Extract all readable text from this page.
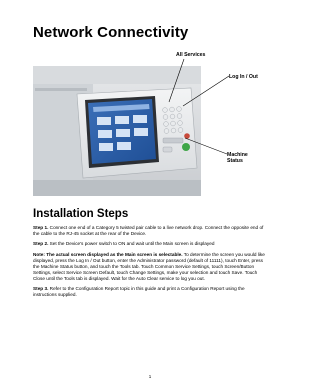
Network Connectivity
All Services
Log In / Out
Machine
Status
Installation Steps

Step 1. Connect one end of a Category 5 twisted pair cable to a live network drop. Connect the opposite end of the cable to the RJ-45 socket at the rear of the Device.

Step 2. Set the Device's power switch to ON and wait until the Main screen is displayed

Note: The actual screen displayed as the Main screen is selectable. To determine the screen you would like displayed, press the Log In / Out button, enter the Administrator password (default of 11111), touch Enter, press the Machine Status button, and touch the Tools tab. Touch Common Service Settings, touch Screen/Button Settings, select Service Screen Default, touch Change Settings, make your selection and touch Save. Touch Close until the Tools tab is displayed. Wait for the Auto Clear service to log you out.

Step 3. Refer to the Configuration Report topic in this guide and print a Configuration Report using the instructions supplied.

1
